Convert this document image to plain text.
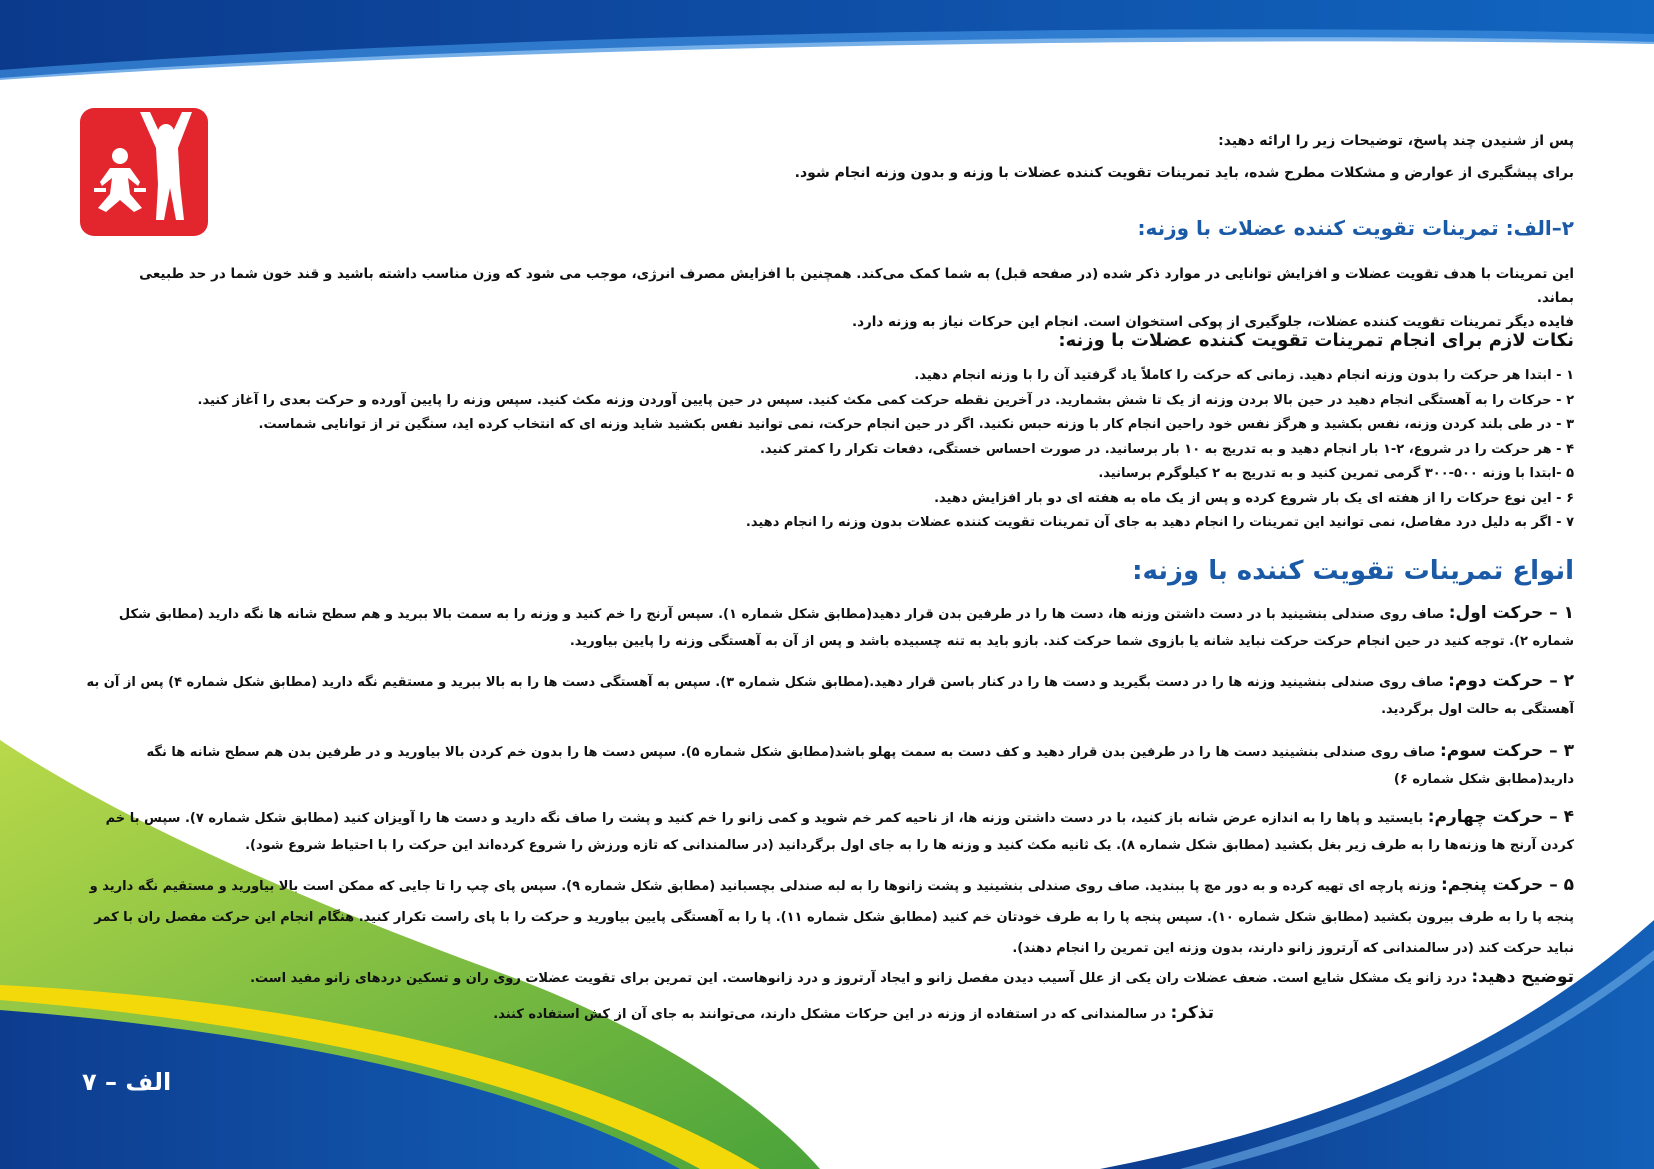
پس از شنیدن چند پاسخ، توضیحات زیر را ارائه دهید:

برای پیشگیری از عوارض و مشکلات مطرح شده، باید تمرینات تقویت کننده عضلات با وزنه و بدون وزنه انجام شود.

۲–الف: تمرینات تقویت کننده عضلات با وزنه:

این تمرینات با هدف تقویت عضلات و افزایش توانایی در موارد ذکر شده (در صفحه قبل) به شما کمک می‌کند. همچنین با افزایش مصرف انرژی، موجب می شود که وزن مناسب داشته باشید و قند خون شما در حد طبیعی بماند.

فایده دیگر تمرینات تقویت کننده عضلات، جلوگیری از پوکی استخوان است. انجام این حرکات نیاز به وزنه دارد.

نکات لازم برای انجام تمرینات تقویت کننده عضلات با وزنه:
۱ - ابتدا هر حرکت را بدون وزنه انجام دهید. زمانی که حرکت را کاملاً یاد گرفتید آن را با وزنه انجام دهید.
۲ - حرکات را به آهستگی انجام دهید در حین بالا بردن وزنه از یک تا شش بشمارید. در آخرین نقطه حرکت کمی مکث کنید. سپس در حین پایین آوردن وزنه مکث کنید. سپس وزنه را پایین آورده و حرکت بعدی را آغاز کنید.
۳ - در طی بلند کردن وزنه، نفس بکشید و هرگز نفس خود راحین انجام کار با وزنه حبس نکنید. اگر در حین انجام حرکت، نمی توانید نفس بکشید شاید وزنه ای که انتخاب کرده اید، سنگین تر از توانایی شماست.
۴ - هر حرکت را در شروع، ۲-۱ بار انجام دهید و به تدریج به ۱۰ بار برسانید. در صورت احساس خستگی، دفعات تکرار را کمتر کنید.
۵ -ابتدا با وزنه ۵۰۰-۳۰۰ گرمی تمرین کنید و به تدریج به ۲ کیلوگرم برسانید.
۶ - این نوع حرکات را از هفته ای یک بار شروع کرده و پس از یک ماه به هفته ای دو بار افزایش دهید.
۷ - اگر به دلیل درد مفاصل، نمی توانید این تمرینات را انجام دهید به جای آن تمرینات تقویت کننده عضلات بدون وزنه را انجام دهید.
انواع تمرینات تقویت کننده با وزنه:

۱ – حرکت اول: صاف روی صندلی بنشینید با در دست داشتن وزنه ها، دست ها را در طرفین بدن قرار دهید(مطابق شکل شماره ۱). سپس آرنج را خم کنید و وزنه را به سمت بالا ببرید و هم سطح شانه ها نگه دارید (مطابق شکل شماره ۲). توجه کنید در حین انجام حرکت حرکت نباید شانه یا بازوی شما حرکت کند. بازو باید به تنه چسبیده باشد و پس از آن به آهستگی وزنه را پایین بیاورید.

۲ – حرکت دوم: صاف روی صندلی بنشینید وزنه ها را در دست بگیرید و دست ها را در کنار باسن قرار دهید.(مطابق شکل شماره ۳). سپس به آهستگی دست ها را به بالا ببرید و مستقیم نگه دارید (مطابق شکل شماره ۴) پس از آن به آهستگی به حالت اول برگردید.

۳ – حرکت سوم: صاف روی صندلی بنشینید دست ها را در طرفین بدن قرار دهید و کف دست به سمت پهلو باشد(مطابق شکل شماره ۵). سپس دست ها را بدون خم کردن بالا بیاورید و در طرفین بدن هم سطح شانه ها نگه دارید(مطابق شکل شماره ۶)

۴ – حرکت چهارم: بایستید و پاها را به اندازه عرض شانه باز کنید، با در دست داشتن وزنه ها، از ناحیه کمر خم شوید و کمی زانو را خم کنید و پشت را صاف نگه دارید و دست ها را آویزان کنید (مطابق شکل شماره ۷). سپس با خم کردن آرنج ها وزنه‌ها را به طرف زیر بغل بکشید (مطابق شکل شماره ۸). یک ثانیه مکث کنید و وزنه ها را به جای اول برگردانید (در سالمندانی که تازه ورزش را شروع کرده‌اند این حرکت را با احتیاط شروع شود).

۵ – حرکت پنجم: وزنه پارچه ای تهیه کرده و به دور مچ پا ببندید. صاف روی صندلی بنشینید و پشت زانوها را به لبه صندلی بچسبانید (مطابق شکل شماره ۹). سپس پای چپ را تا جایی که ممکن است بالا بیاورید و مستقیم نگه دارید و پنجه پا را به طرف بیرون بکشید (مطابق شکل شماره ۱۰). سپس پنجه پا را به طرف خودتان خم کنید (مطابق شکل شماره ۱۱). پا را به آهستگی پایین بیاورید و حرکت را با پای راست تکرار کنید. هنگام انجام این حرکت مفصل ران با کمر نباید حرکت کند (در سالمندانی که آرتروز زانو دارند، بدون وزنه این تمرین را انجام دهند).

توضیح دهید: درد زانو یک مشکل شایع است. ضعف عضلات ران یکی از علل آسیب دیدن مفصل زانو و ایجاد آرتروز و درد زانوهاست. این تمرین برای تقویت عضلات روی ران و تسکین دردهای زانو مفید است.

تذکر: در سالمندانی که در استفاده از وزنه در این حرکات مشکل دارند، می‌توانند به جای آن از کش استفاده کنند.

الف – ۷
